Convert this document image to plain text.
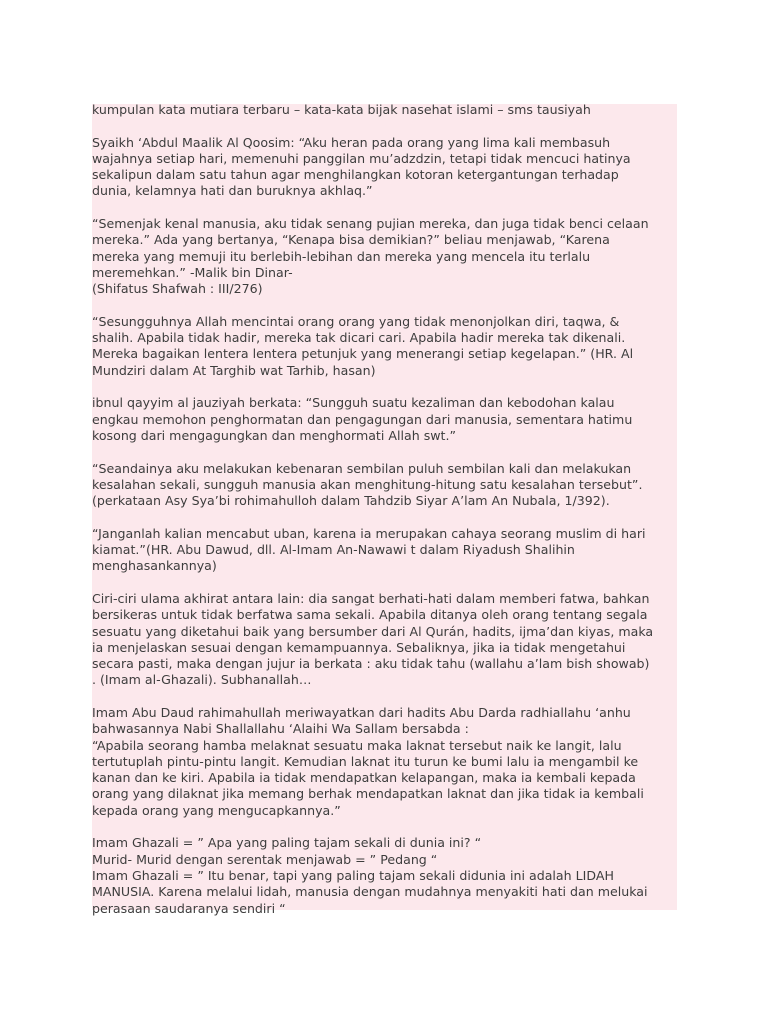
kumpulan kata mutiara terbaru – kata-kata bijak nasehat islami – sms tausiyah
Syaikh ‘Abdul Maalik Al Qoosim: “Aku heran pada orang yang lima kali membasuh
wajahnya setiap hari, memenuhi panggilan mu’adzdzin, tetapi tidak mencuci hatinya
sekalipun dalam satu tahun agar menghilangkan kotoran ketergantungan terhadap
dunia, kelamnya hati dan buruknya akhlaq.”
“Semenjak kenal manusia, aku tidak senang pujian mereka, dan juga tidak benci celaan
mereka.” Ada yang bertanya, “Kenapa bisa demikian?” beliau menjawab, “Karena
mereka yang memuji itu berlebih-lebihan dan mereka yang mencela itu terlalu
meremehkan.” -Malik bin Dinar-
(Shifatus Shafwah : III/276)
“Sesungguhnya Allah mencintai orang orang yang tidak menonjolkan diri, taqwa, &
shalih. Apabila tidak hadir, mereka tak dicari cari. Apabila hadir mereka tak dikenali.
Mereka bagaikan lentera lentera petunjuk yang menerangi setiap kegelapan.” (HR. Al
Mundziri dalam At Targhib wat Tarhib, hasan)
ibnul qayyim al jauziyah berkata: “Sungguh suatu kezaliman dan kebodohan kalau
engkau memohon penghormatan dan pengagungan dari manusia, sementara hatimu
kosong dari mengagungkan dan menghormati Allah swt.”
“Seandainya aku melakukan kebenaran sembilan puluh sembilan kali dan melakukan
kesalahan sekali, sungguh manusia akan menghitung-hitung satu kesalahan tersebut”.
(perkataan Asy Sya’bi rohimahulloh dalam Tahdzib Siyar A’lam An Nubala, 1/392).
“Janganlah kalian mencabut uban, karena ia merupakan cahaya seorang muslim di hari
kiamat.”(HR. Abu Dawud, dll. Al-Imam An-Nawawi t dalam Riyadush Shalihin
menghasankannya)
Ciri-ciri ulama akhirat antara lain: dia sangat berhati-hati dalam memberi fatwa, bahkan
bersikeras untuk tidak berfatwa sama sekali. Apabila ditanya oleh orang tentang segala
sesuatu yang diketahui baik yang bersumber dari Al Qurán, hadits, ijma’dan kiyas, maka
ia menjelaskan sesuai dengan kemampuannya. Sebaliknya, jika ia tidak mengetahui
secara pasti, maka dengan jujur ia berkata : aku tidak tahu (wallahu a’lam bish showab)
. (Imam al-Ghazali). Subhanallah…
Imam Abu Daud rahimahullah meriwayatkan dari hadits Abu Darda radhiallahu ‘anhu
bahwasannya Nabi Shallallahu ‘Alaihi Wa Sallam bersabda :
“Apabila seorang hamba melaknat sesuatu maka laknat tersebut naik ke langit, lalu
tertutuplah pintu-pintu langit. Kemudian laknat itu turun ke bumi lalu ia mengambil ke
kanan dan ke kiri. Apabila ia tidak mendapatkan kelapangan, maka ia kembali kepada
orang yang dilaknat jika memang berhak mendapatkan laknat dan jika tidak ia kembali
kepada orang yang mengucapkannya.”
Imam Ghazali = ” Apa yang paling tajam sekali di dunia ini? “
Murid- Murid dengan serentak menjawab = ” Pedang “
Imam Ghazali = ” Itu benar, tapi yang paling tajam sekali didunia ini adalah LIDAH
MANUSIA. Karena melalui lidah, manusia dengan mudahnya menyakiti hati dan melukai
perasaan saudaranya sendiri “
